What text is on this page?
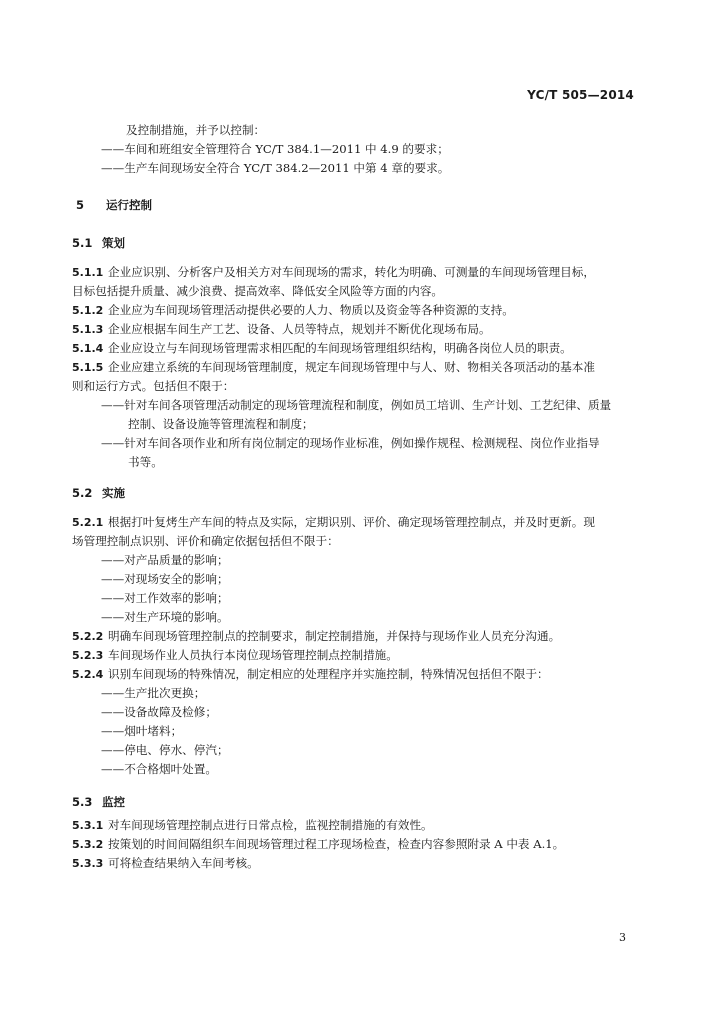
YC/T 505—2014
及控制措施，并予以控制：
——车间和班组安全管理符合 YC/T 384.1—2011 中 4.9 的要求；
——生产车间现场安全符合 YC/T 384.2—2011 中第 4 章的要求。
5 运行控制
5.1 策划
5.1.1 企业应识别、分析客户及相关方对车间现场的需求，转化为明确、可测量的车间现场管理目标，
目标包括提升质量、减少浪费、提高效率、降低安全风险等方面的内容。
5.1.2 企业应为车间现场管理活动提供必要的人力、物质以及资金等各种资源的支持。
5.1.3 企业应根据车间生产工艺、设备、人员等特点，规划并不断优化现场布局。
5.1.4 企业应设立与车间现场管理需求相匹配的车间现场管理组织结构，明确各岗位人员的职责。
5.1.5 企业应建立系统的车间现场管理制度，规定车间现场管理中与人、财、物相关各项活动的基本准
则和运行方式。包括但不限于：
——针对车间各项管理活动制定的现场管理流程和制度，例如员工培训、生产计划、工艺纪律、质量
控制、设备设施等管理流程和制度；
——针对车间各项作业和所有岗位制定的现场作业标准，例如操作规程、检测规程、岗位作业指导
书等。
5.2 实施
5.2.1 根据打叶复烤生产车间的特点及实际，定期识别、评价、确定现场管理控制点，并及时更新。现
场管理控制点识别、评价和确定依据包括但不限于：
——对产品质量的影响；
——对现场安全的影响；
——对工作效率的影响；
——对生产环境的影响。
5.2.2 明确车间现场管理控制点的控制要求，制定控制措施，并保持与现场作业人员充分沟通。
5.2.3 车间现场作业人员执行本岗位现场管理控制点控制措施。
5.2.4 识别车间现场的特殊情况，制定相应的处理程序并实施控制，特殊情况包括但不限于：
——生产批次更换；
——设备故障及检修；
——烟叶堵料；
——停电、停水、停汽；
——不合格烟叶处置。
5.3 监控
5.3.1 对车间现场管理控制点进行日常点检，监视控制措施的有效性。
5.3.2 按策划的时间间隔组织车间现场管理过程工序现场检查，检查内容参照附录 A 中表 A.1。
5.3.3 可将检查结果纳入车间考核。
3
